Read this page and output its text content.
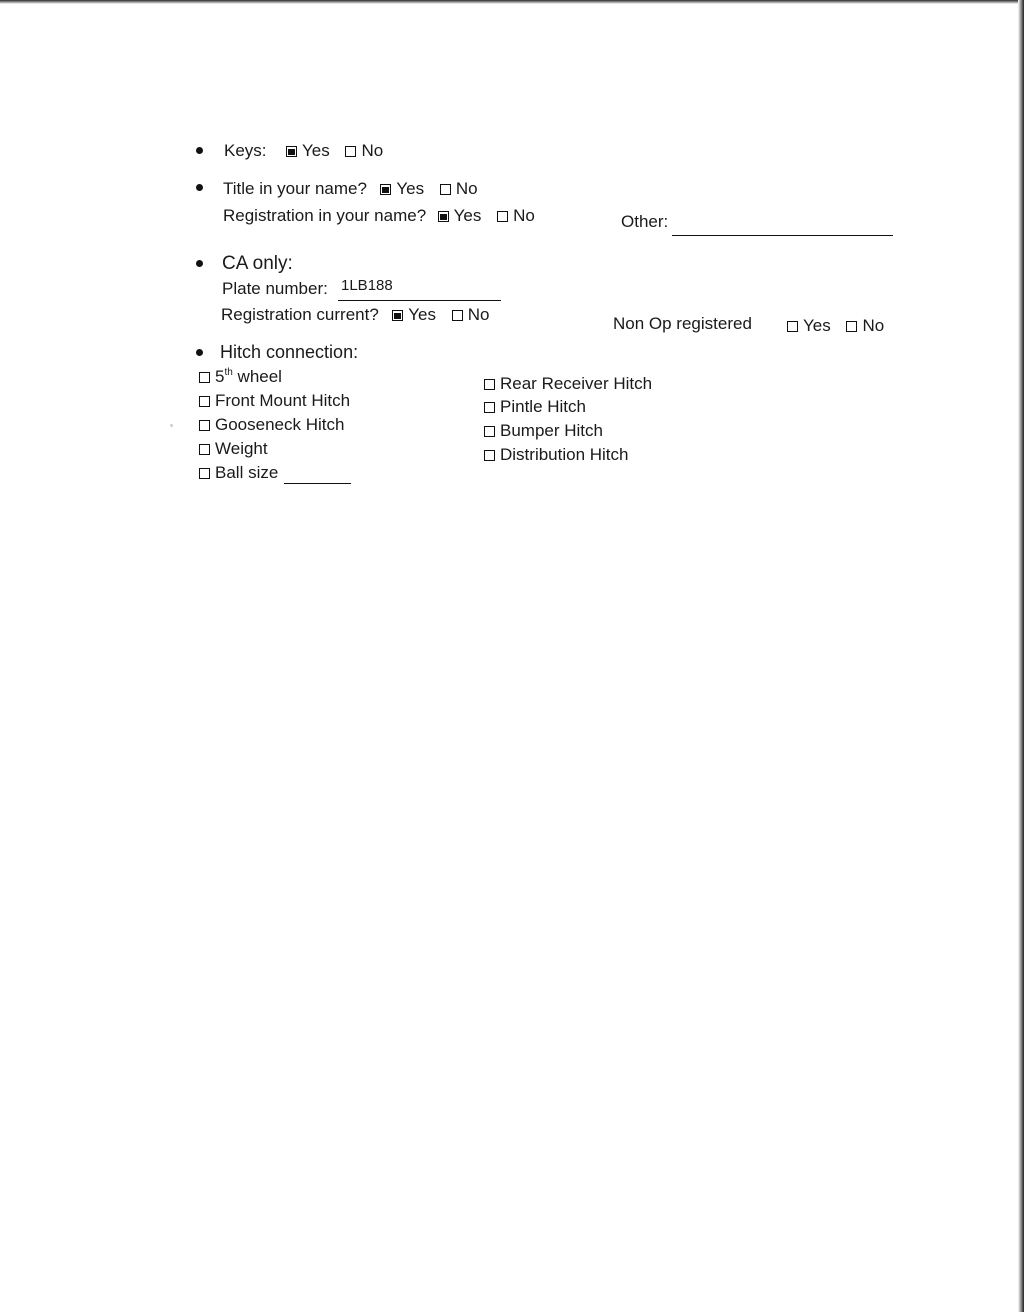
Keys: Yes No
Title in your name? Yes No
Registration in your name? Yes No	Other:
CA only:
Plate number: 1LB188
Registration current? Yes No	Non Op registered	Yes No
Hitch connection:
5th wheel
Front Mount Hitch
Gooseneck Hitch
Weight
Ball size
Rear Receiver Hitch
Pintle Hitch
Bumper Hitch
Distribution Hitch
